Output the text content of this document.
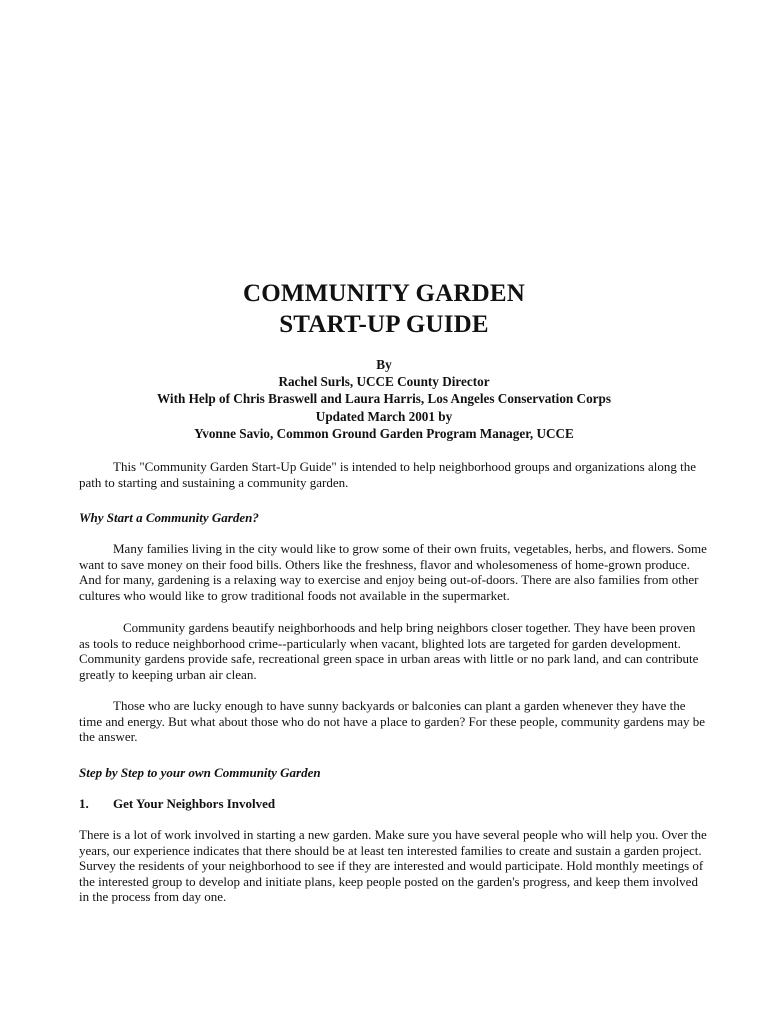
COMMUNITY GARDEN
START-UP GUIDE
By
Rachel Surls, UCCE County Director
With Help of Chris Braswell and Laura Harris, Los Angeles Conservation Corps
Updated March 2001 by
Yvonne Savio, Common Ground Garden Program Manager, UCCE

This "Community Garden Start-Up Guide" is intended to help neighborhood groups and organizations along the path to starting and sustaining a community garden.

Why Start a Community Garden?

Many families living in the city would like to grow some of their own fruits, vegetables, herbs, and flowers. Some want to save money on their food bills. Others like the freshness, flavor and wholesomeness of home-grown produce. And for many, gardening is a relaxing way to exercise and enjoy being out-of-doors. There are also families from other cultures who would like to grow traditional foods not available in the supermarket.

Community gardens beautify neighborhoods and help bring neighbors closer together. They have been proven as tools to reduce neighborhood crime--particularly when vacant, blighted lots are targeted for garden development. Community gardens provide safe, recreational green space in urban areas with little or no park land, and can contribute greatly to keeping urban air clean.

Those who are lucky enough to have sunny backyards or balconies can plant a garden whenever they have the time and energy. But what about those who do not have a place to garden? For these people, community gardens may be the answer.

Step by Step to your own Community Garden
1. Get Your Neighbors Involved

There is a lot of work involved in starting a new garden. Make sure you have several people who will help you. Over the years, our experience indicates that there should be at least ten interested families to create and sustain a garden project. Survey the residents of your neighborhood to see if they are interested and would participate. Hold monthly meetings of the interested group to develop and initiate plans, keep people posted on the garden's progress, and keep them involved in the process from day one.
